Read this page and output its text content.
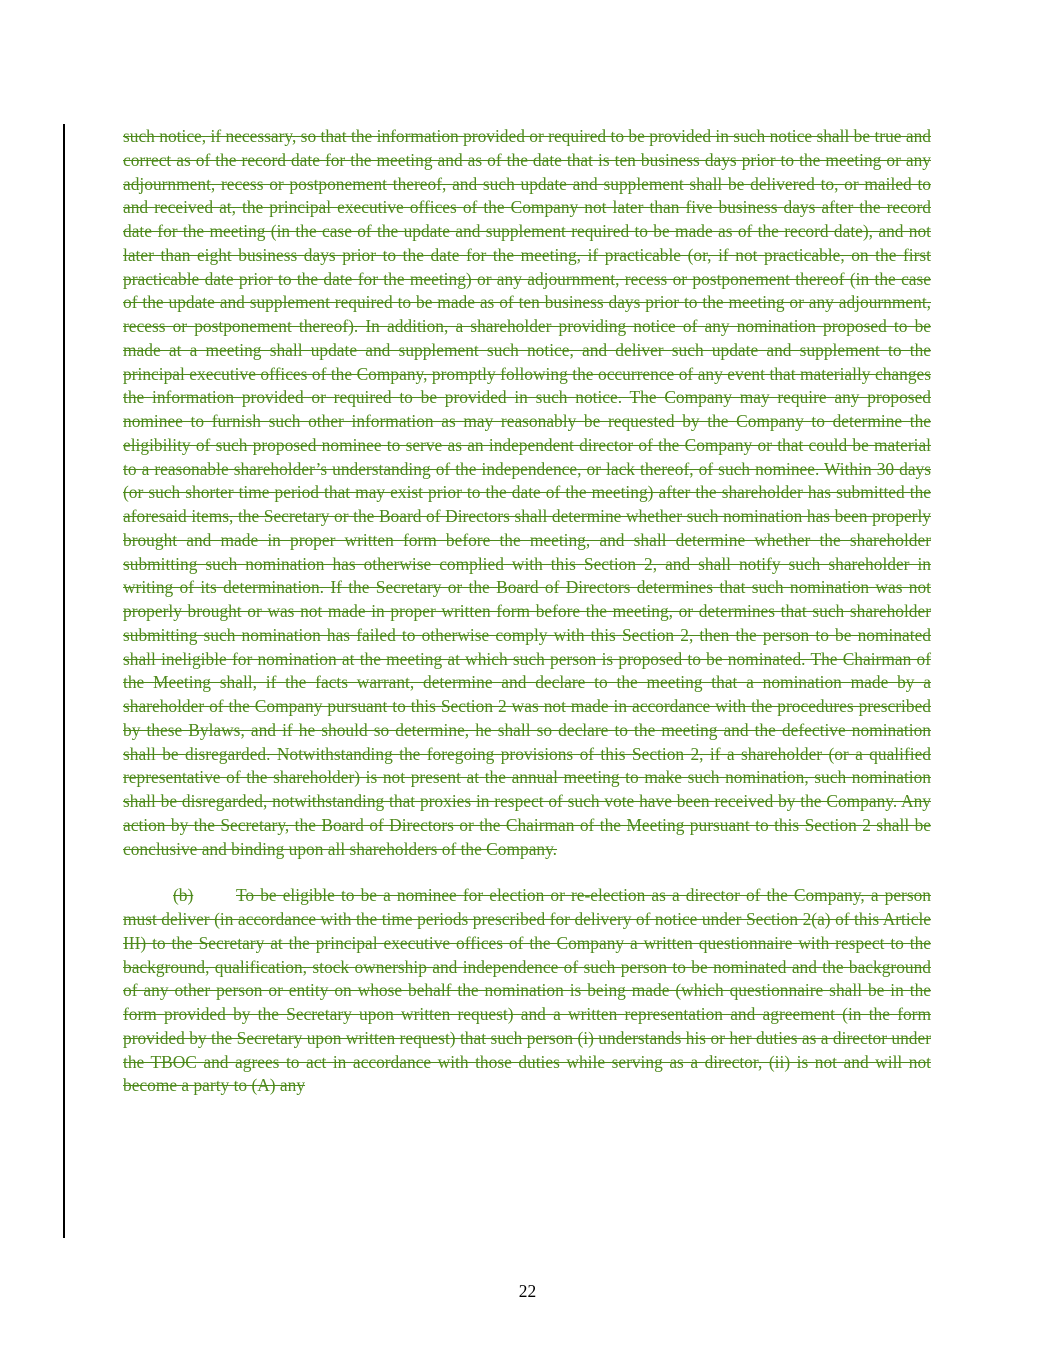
such notice, if necessary, so that the information provided or required to be provided in such notice shall be true and correct as of the record date for the meeting and as of the date that is ten business days prior to the meeting or any adjournment, recess or postponement thereof, and such update and supplement shall be delivered to, or mailed to and received at, the principal executive offices of the Company not later than five business days after the record date for the meeting (in the case of the update and supplement required to be made as of the record date), and not later than eight business days prior to the date for the meeting, if practicable (or, if not practicable, on the first practicable date prior to the date for the meeting) or any adjournment, recess or postponement thereof (in the case of the update and supplement required to be made as of ten business days prior to the meeting or any adjournment, recess or postponement thereof). In addition, a shareholder providing notice of any nomination proposed to be made at a meeting shall update and supplement such notice, and deliver such update and supplement to the principal executive offices of the Company, promptly following the occurrence of any event that materially changes the information provided or required to be provided in such notice. The Company may require any proposed nominee to furnish such other information as may reasonably be requested by the Company to determine the eligibility of such proposed nominee to serve as an independent director of the Company or that could be material to a reasonable shareholder’s understanding of the independence, or lack thereof, of such nominee. Within 30 days (or such shorter time period that may exist prior to the date of the meeting) after the shareholder has submitted the aforesaid items, the Secretary or the Board of Directors shall determine whether such nomination has been properly brought and made in proper written form before the meeting, and shall determine whether the shareholder submitting such nomination has otherwise complied with this Section 2, and shall notify such shareholder in writing of its determination. If the Secretary or the Board of Directors determines that such nomination was not properly brought or was not made in proper written form before the meeting, or determines that such shareholder submitting such nomination has failed to otherwise comply with this Section 2, then the person to be nominated shall ineligible for nomination at the meeting at which such person is proposed to be nominated. The Chairman of the Meeting shall, if the facts warrant, determine and declare to the meeting that a nomination made by a shareholder of the Company pursuant to this Section 2 was not made in accordance with the procedures prescribed by these Bylaws, and if he should so determine, he shall so declare to the meeting and the defective nomination shall be disregarded. Notwithstanding the foregoing provisions of this Section 2, if a shareholder (or a qualified representative of the shareholder) is not present at the annual meeting to make such nomination, such nomination shall be disregarded, notwithstanding that proxies in respect of such vote have been received by the Company. Any action by the Secretary, the Board of Directors or the Chairman of the Meeting pursuant to this Section 2 shall be conclusive and binding upon all shareholders of the Company.

(b) To be eligible to be a nominee for election or re-election as a director of the Company, a person must deliver (in accordance with the time periods prescribed for delivery of notice under Section 2(a) of this Article III) to the Secretary at the principal executive offices of the Company a written questionnaire with respect to the background, qualification, stock ownership and independence of such person to be nominated and the background of any other person or entity on whose behalf the nomination is being made (which questionnaire shall be in the form provided by the Secretary upon written request) and a written representation and agreement (in the form provided by the Secretary upon written request) that such person (i) understands his or her duties as a director under the TBOC and agrees to act in accordance with those duties while serving as a director, (ii) is not and will not become a party to (A) any

22
